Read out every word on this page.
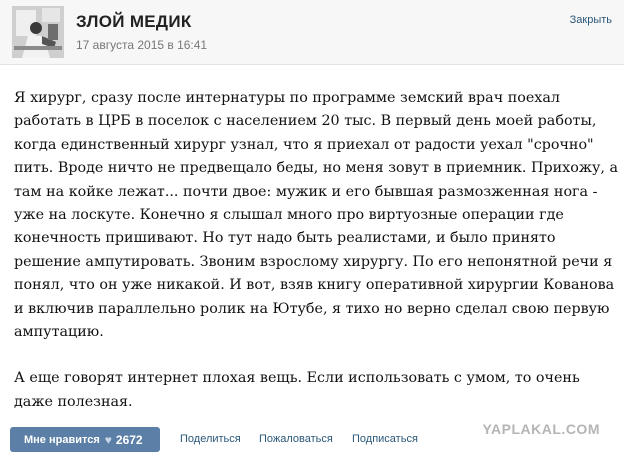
ЗЛОЙ МЕДИК
17 августа 2015 в 16:41
Закрыть

Я хирург, сразу после интернатуры по программе земский врач поехал работать в ЦРБ в поселок с населением 20 тыс. В первый день моей работы, когда единственный хирург узнал, что я приехал от радости уехал "срочно" пить. Вроде ничто не предвещало беды, но меня зовут в приемник. Прихожу, а там на койке лежат... почти двое: мужик и его бывшая размозженная нога - уже на лоскуте. Конечно я слышал много про виртуозные операции где конечность пришивают. Но тут надо быть реалистами, и было принято решение ампутировать. Звоним взрослому хирургу. По его непонятной речи я понял, что он уже никакой. И вот, взяв книгу оперативной хирургии Кованова и включив параллельно ролик на Ютубе, я тихо но верно сделал свою первую ампутацию.

А еще говорят интернет плохая вещь. Если использовать с умом, то очень даже полезная.

YAPLAKAL.COM
Мне нравится ♥ 2672	Поделиться Пожаловаться Подписаться
